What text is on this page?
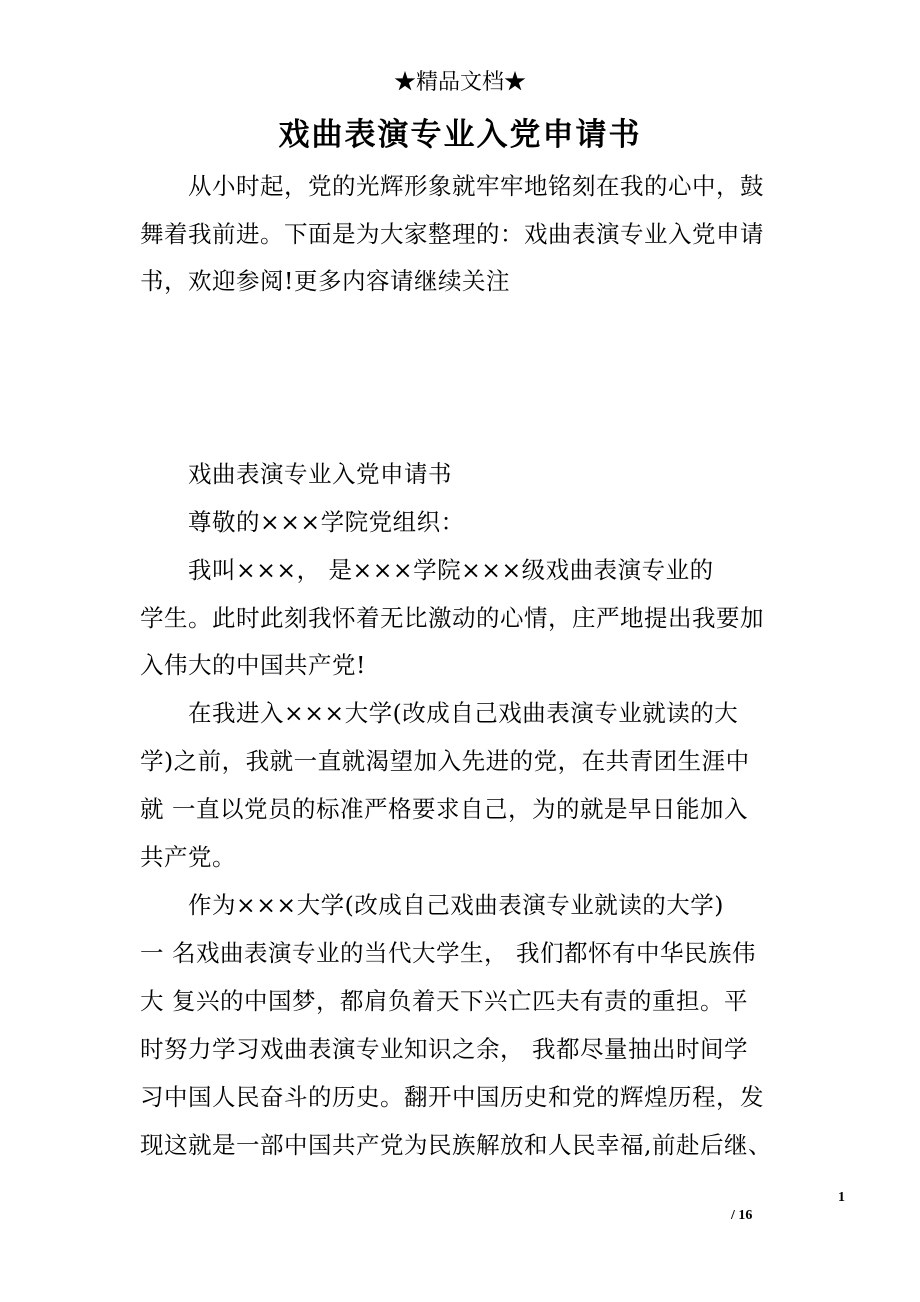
★精品文档★
戏曲表演专业入党申请书
从小时起，党的光辉形象就牢牢地铭刻在我的心中，鼓
舞着我前进。下面是为大家整理的：戏曲表演专业入党申请
书，欢迎参阅!更多内容请继续关注
戏曲表演专业入党申请书
尊敬的×××学院党组织：
我叫×××， 是×××学院×××级戏曲表演专业的
学生。此时此刻我怀着无比激动的心情，庄严地提出我要加
入伟大的中国共产党!
在我进入×××大学(改成自己戏曲表演专业就读的大
学)之前，我就一直就渴望加入先进的党，在共青团生涯中
就 一直以党员的标准严格要求自己，为的就是早日能加入
共产党。
作为×××大学(改成自己戏曲表演专业就读的大学)
一 名戏曲表演专业的当代大学生， 我们都怀有中华民族伟
大 复兴的中国梦，都肩负着天下兴亡匹夫有责的重担。平
时努力学习戏曲表演专业知识之余， 我都尽量抽出时间学
习中国人民奋斗的历史。翻开中国历史和党的辉煌历程，发
现这就是一部中国共产党为民族解放和人民幸福,前赴后继、
1
/ 16
